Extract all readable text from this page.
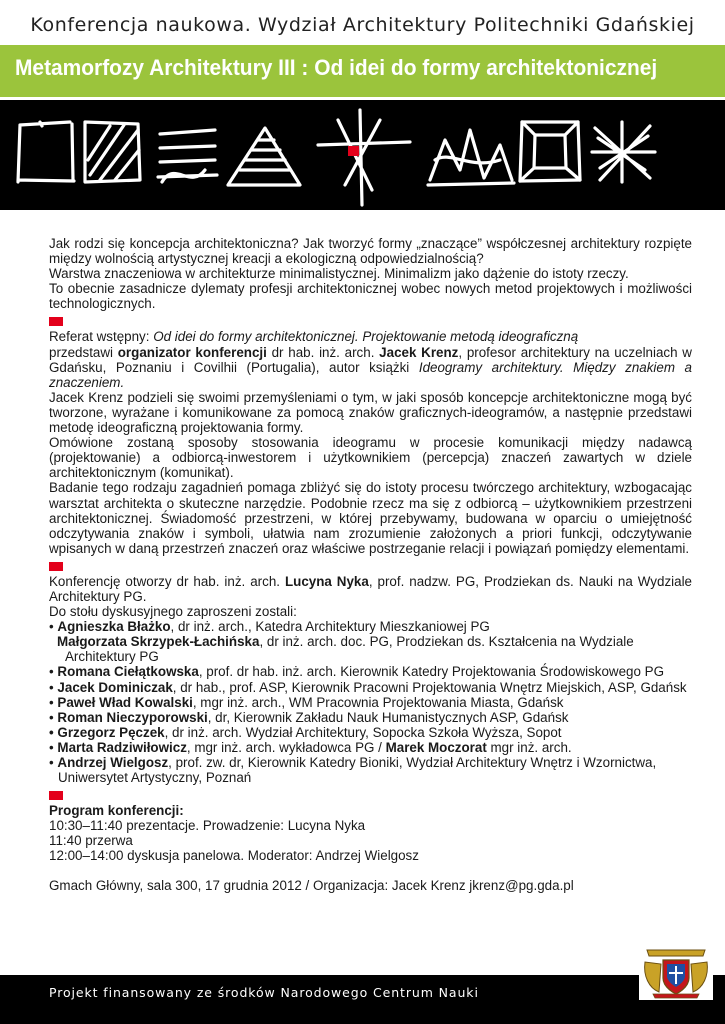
Konferencja naukowa. Wydział Architektury Politechniki Gdańskiej
Metamorfozy Architektury III : Od idei do formy architektonicznej

Jak rodzi się koncepcja architektoniczna? Jak tworzyć formy „znaczące” współczesnej architektury rozpięte między wolnością artystycznej kreacji a ekologiczną odpowiedzialnością?

Warstwa znaczeniowa w architekturze minimalistycznej. Minimalizm jako dążenie do istoty rzeczy.

To obecnie zasadnicze dylematy profesji architektonicznej wobec nowych metod projektowych i możliwości technologicznych.

Referat wstępny: Od idei do formy architektonicznej. Projektowanie metodą ideograficzną

przedstawi organizator konferencji dr hab. inż. arch. Jacek Krenz, profesor architektury na uczelniach w Gdańsku, Poznaniu i Covilhii (Portugalia), autor książki Ideogramy architektury. Między znakiem a znaczeniem.

Jacek Krenz podzieli się swoimi przemyśleniami o tym, w jaki sposób koncepcje architektoniczne mogą być tworzone, wyrażane i komunikowane za pomocą znaków graficznych-ideogramów, a następnie przedstawi metodę ideograficzną projektowania formy.

Omówione zostaną sposoby stosowania ideogramu w procesie komunikacji między nadawcą (projektowanie) a odbiorcą-inwestorem i użytkownikiem (percepcja) znaczeń zawartych w dziele architektonicznym (komunikat).

Badanie tego rodzaju zagadnień pomaga zbliżyć się do istoty procesu twórczego architektury, wzbogacając warsztat architekta o skuteczne narzędzie. Podobnie rzecz ma się z odbiorcą – użytkownikiem przestrzeni architektonicznej. Świadomość przestrzeni, w której przebywamy, budowana w oparciu o umiejętność odczytywania znaków i symboli, ułatwia nam zrozumienie założonych a priori funkcji, odczytywanie wpisanych w daną przestrzeń znaczeń oraz właściwe postrzeganie relacji i powiązań pomiędzy elementami.

Konferencję otworzy dr hab. inż. arch. Lucyna Nyka, prof. nadzw. PG, Prodziekan ds. Nauki na Wydziale Architektury PG.

Do stołu dyskusyjnego zaproszeni zostali:

• Agnieszka Błażko, dr inż. arch., Katedra Architektury Mieszkaniowej PG
Małgorzata Skrzypek-Łachińska, dr inż. arch. doc. PG, Prodziekan ds. Kształcenia na Wydziale Architektury PG
• Romana Ciełątkowska, prof. dr hab. inż. arch. Kierownik Katedry Projektowania Środowiskowego PG
• Jacek Dominiczak, dr hab., prof. ASP, Kierownik Pracowni Projektowania Wnętrz Miejskich, ASP, Gdańsk
• Paweł Wład Kowalski, mgr inż. arch., WM Pracownia Projektowania Miasta, Gdańsk
• Roman Nieczyporowski, dr, Kierownik Zakładu Nauk Humanistycznych ASP, Gdańsk
• Grzegorz Pęczek, dr inż. arch. Wydział Architektury, Sopocka Szkoła Wyższa, Sopot
• Marta Radziwiłowicz, mgr inż. arch. wykładowca PG / Marek Moczorat mgr inż. arch.
• Andrzej Wielgosz, prof. zw. dr, Kierownik Katedry Bioniki, Wydział Architektury Wnętrz i Wzornictwa, Uniwersytet Artystyczny, Poznań

Program konferencji:

10:30–11:40 prezentacje. Prowadzenie: Lucyna Nyka

11:40 przerwa

12:00–14:00 dyskusja panelowa. Moderator: Andrzej Wielgosz

Gmach Główny, sala 300, 17 grudnia 2012 / Organizacja: Jacek Krenz jkrenz@pg.gda.pl

Projekt finansowany ze środków Narodowego Centrum Nauki
